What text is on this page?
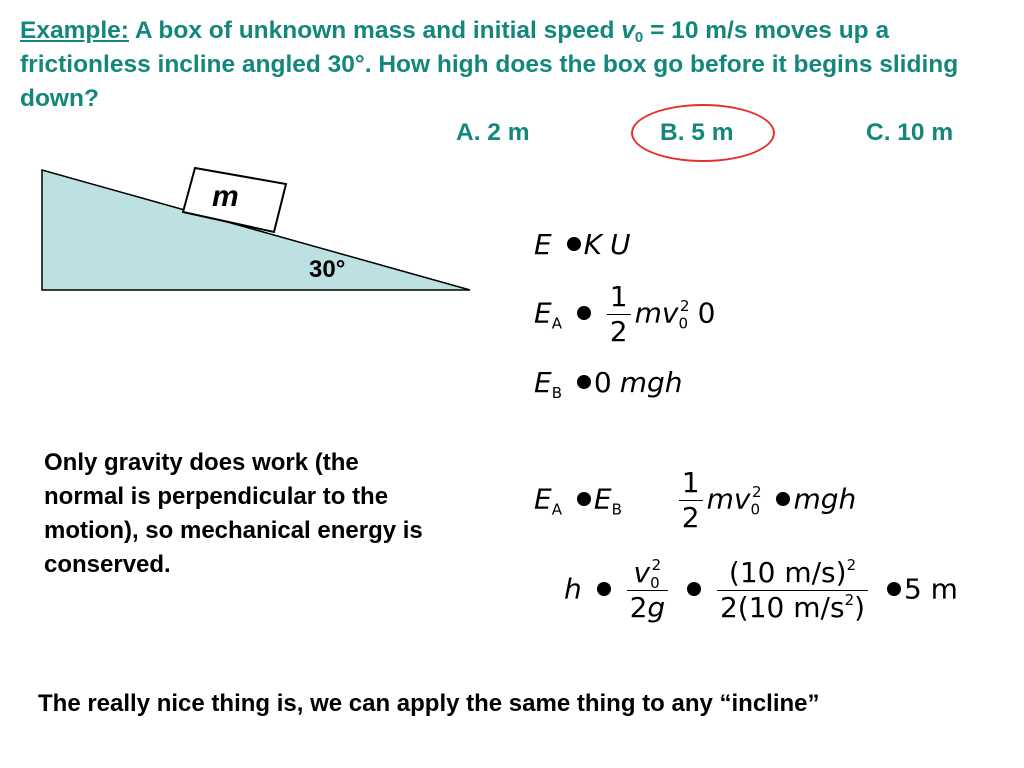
Example: A box of unknown mass and initial speed $v_0 = 10$ m/s moves up a frictionless incline angled 30°. How high does the box go before it begins sliding down?
A. 2 m	B. 5 m	C. 10 m
m
30°
E K U
$E_A \frac{1}{2} mv_0^2$ 0
$E_B$ 0 mgh
$E_A$ $E_B \frac{1}{2} mv_0^2$ mgh
h $\frac{v_0^2}{2g}$
$\frac{(10 m/s)^2}{2(10 m/s^2)} 5$ m
Only gravity does work (the normal is perpendicular to the motion), so mechanical energy is conserved.
The really nice thing is, we can apply the same thing to any “incline”
